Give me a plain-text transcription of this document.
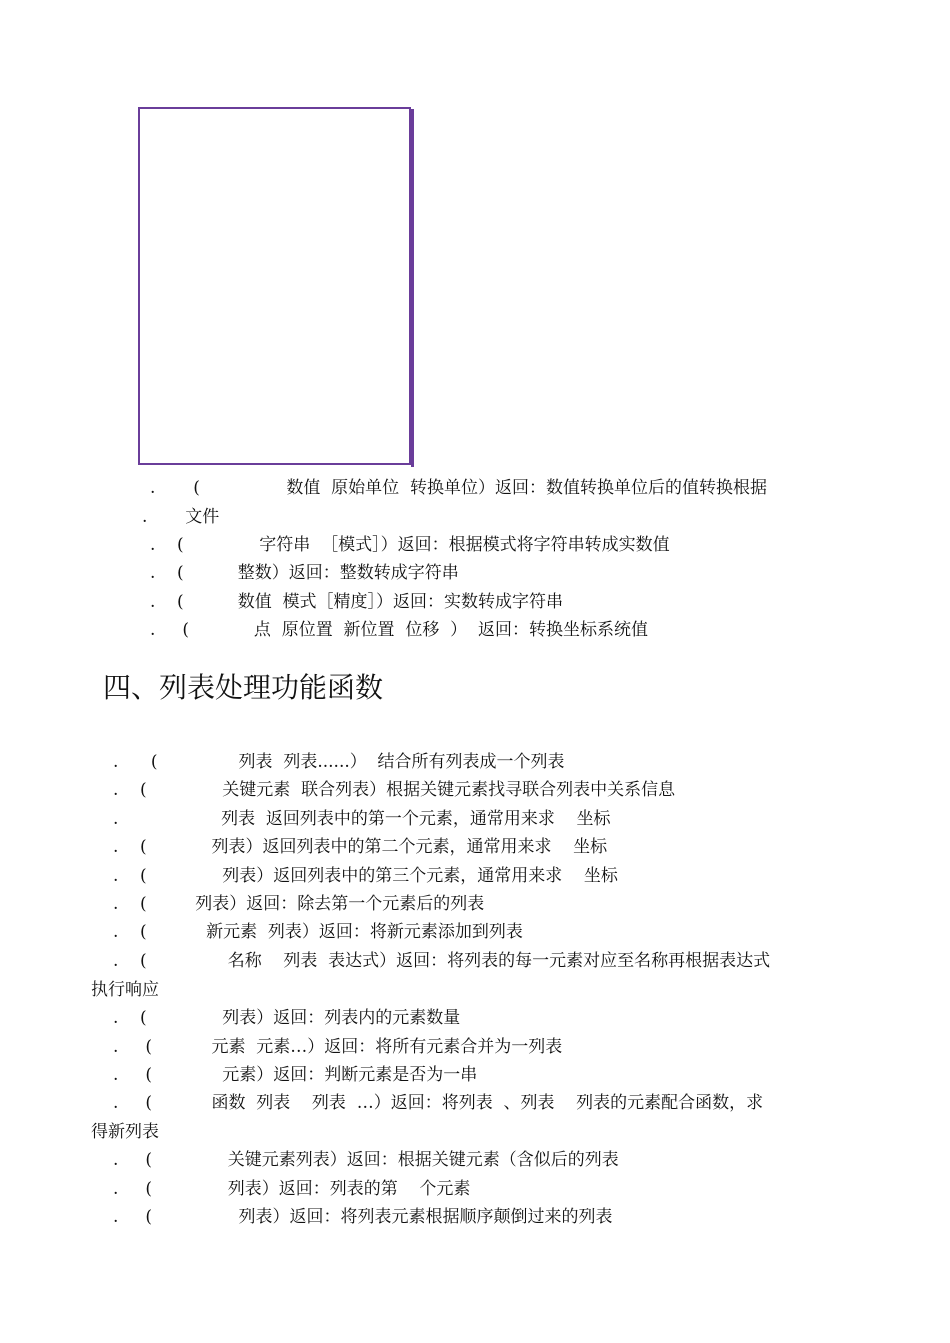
.       (                数值  原始单位  转换单位）返回：数值转换单位后的值转换根据
.       文件
.    (              字符串  ［模式］）返回：根据模式将字符串转成实数值
.    (          整数）返回：整数转成字符串
.    (          数值  模式［精度］）返回：实数转成字符串
.     (            点  原位置  新位置  位移  ）  返回：转换坐标系统值
四、列表处理功能函数
.      (               列表  列表......）  结合所有列表成一个列表
.    (              关键元素  联合列表）根据关键元素找寻联合列表中关系信息
.                   列表  返回列表中的第一个元素，通常用来求    坐标
.    (            列表）返回列表中的第二个元素，通常用来求    坐标
.    (              列表）返回列表中的第三个元素，通常用来求    坐标
.    (         列表）返回：除去第一个元素后的列表
.    (           新元素  列表）返回：将新元素添加到列表
.    (               名称    列表  表达式）返回：将列表的每一元素对应至名称再根据表达式
执行响应
.    (              列表）返回：列表内的元素数量
.     (           元素  元素…）返回：将所有元素合并为一列表
.     (             元素）返回：判断元素是否为一串
.     (           函数  列表    列表  …）返回：将列表  、列表    列表的元素配合函数，求
得新列表
.     (              关键元素列表）返回：根据关键元素（含似后的列表
.     (              列表）返回：列表的第    个元素
.     (                列表）返回：将列表元素根据顺序颠倒过来的列表
